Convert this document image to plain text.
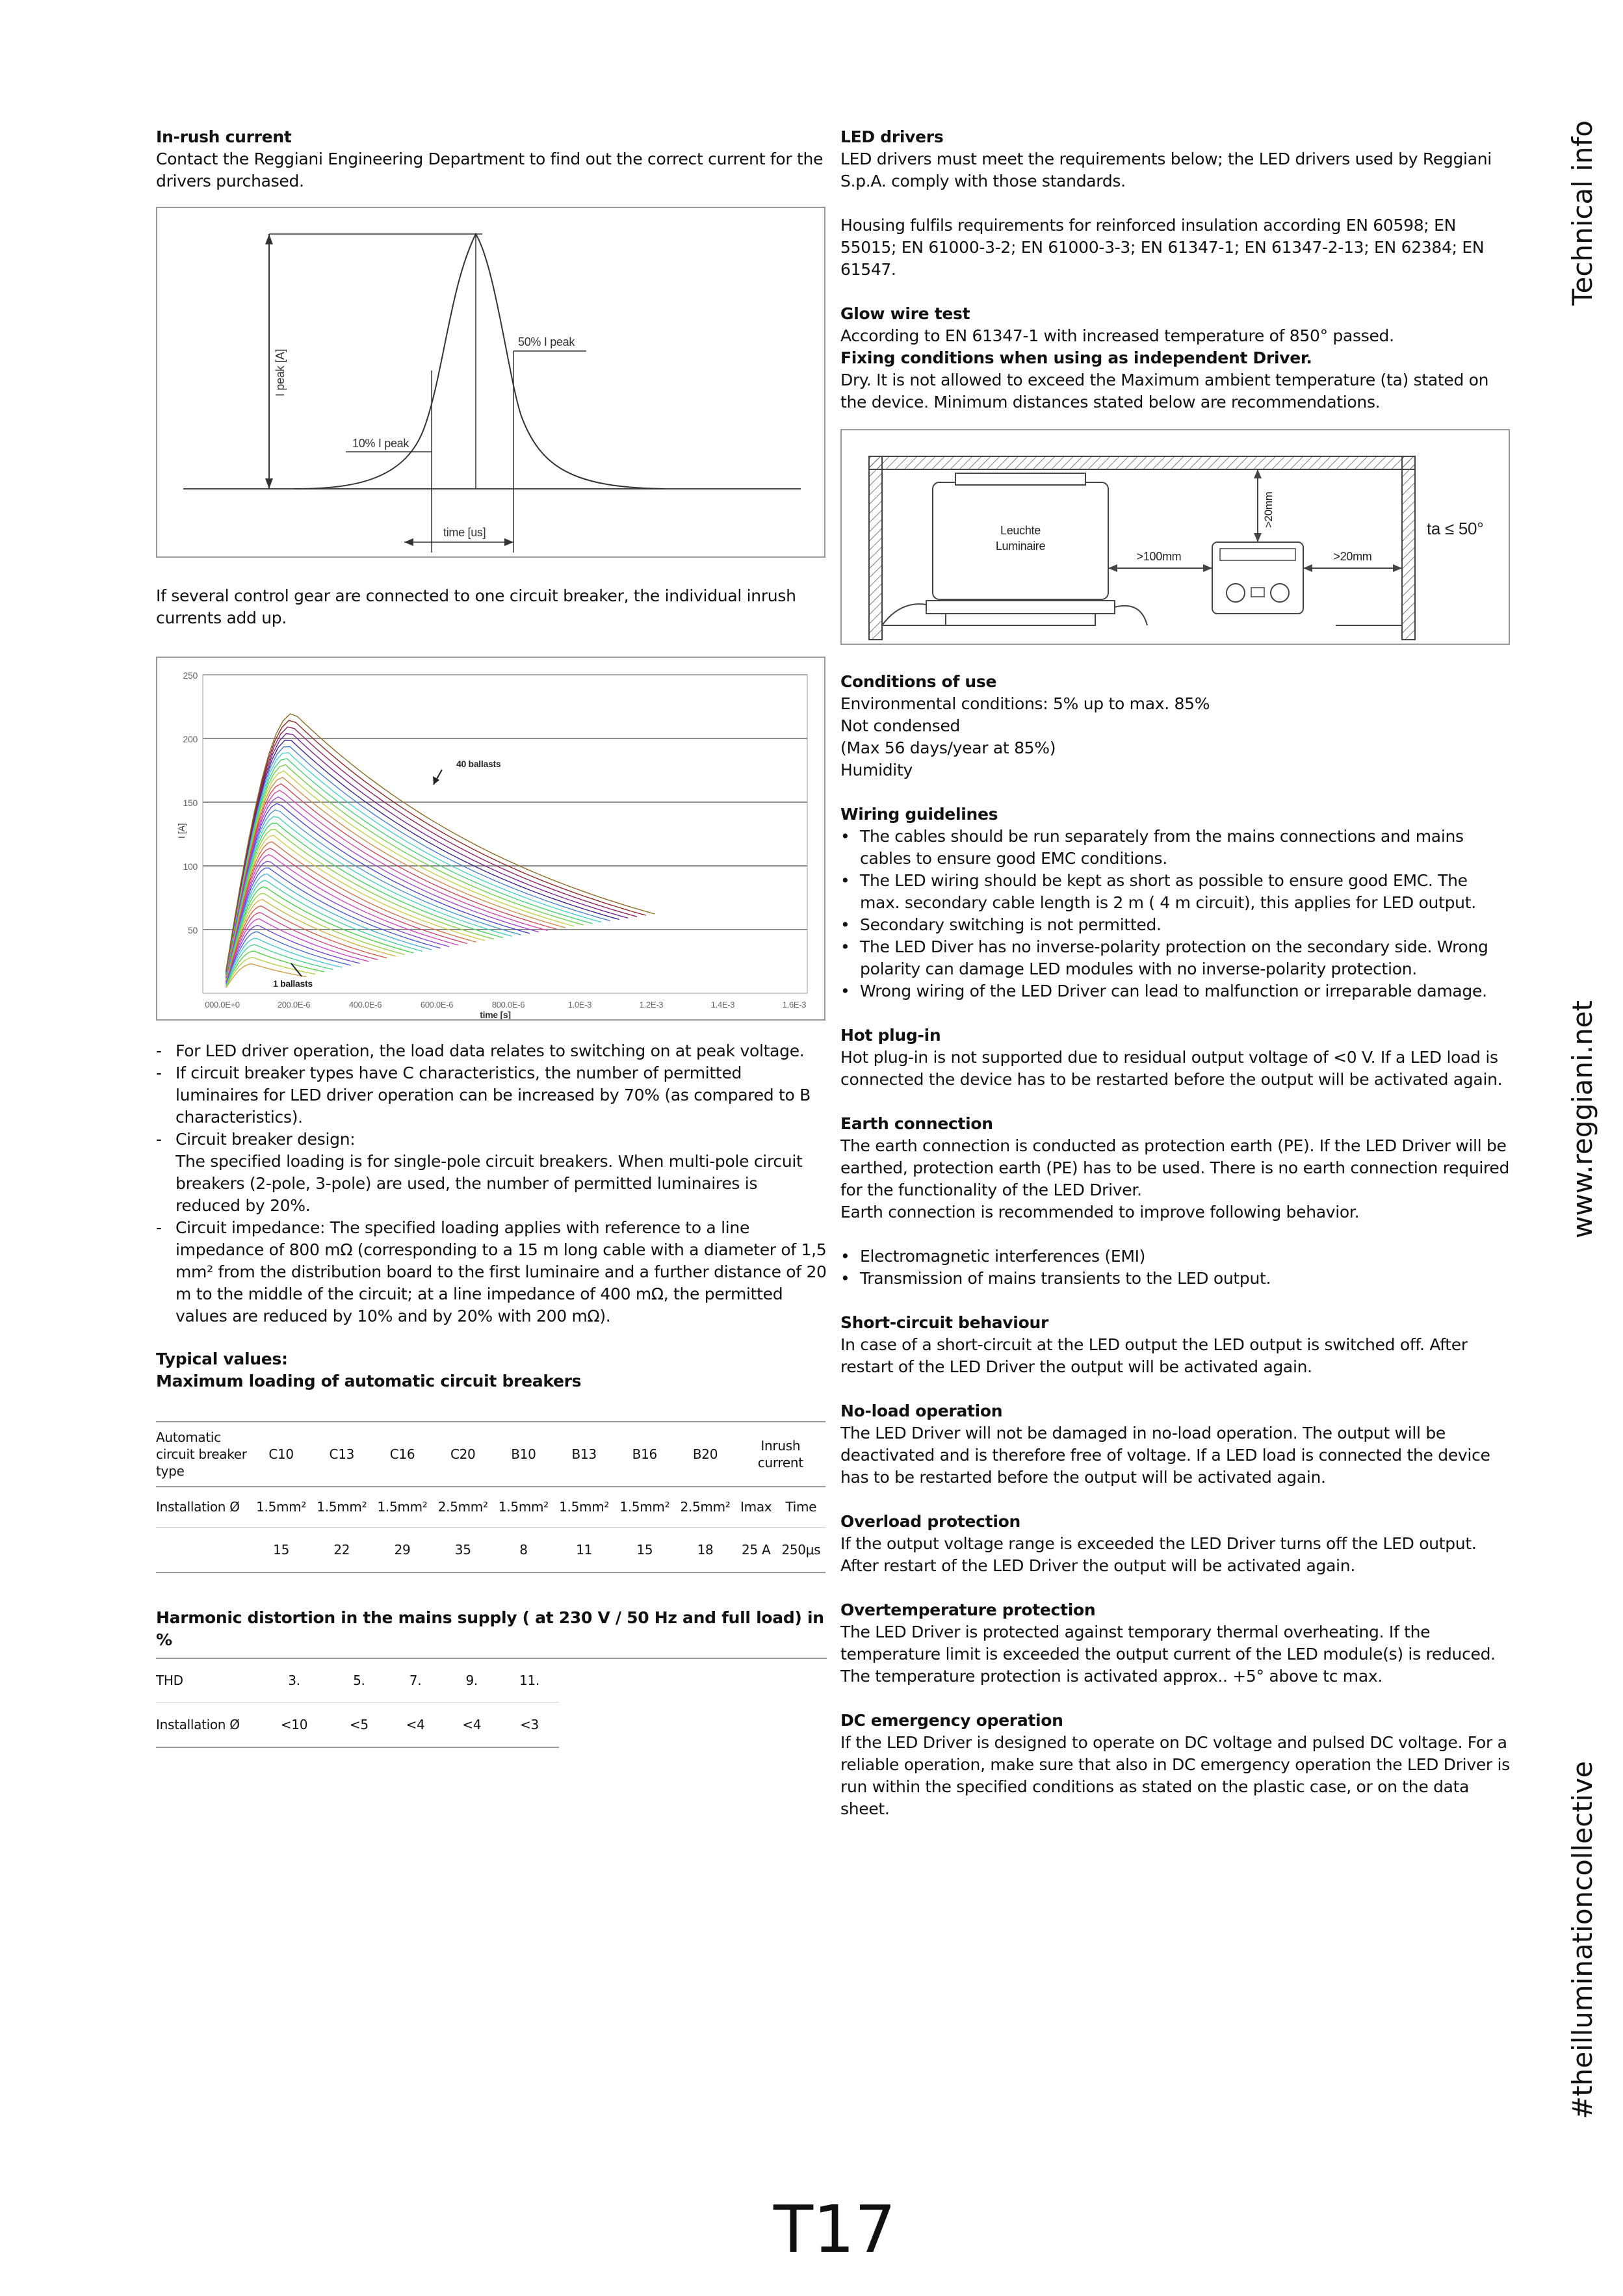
In-rush current
Contact the Reggiani Engineering Department to find out the correct current for the drivers purchased.
I peak [A]
50% I peak
10% I peak
time [us]
If several control gear are connected to one circuit breaker, the individual inrush currents add up.
250
200
150
100
50
000.0E+0	200.0E-6	400.0E-6	600.0E-6	800.0E-6	1.0E-3	1.2E-3	1.4E-3	1.6E-3
I [A]
time [s]
40 ballasts
1 ballasts
- For LED driver operation, the load data relates to switching on at peak voltage.
- If circuit breaker types have C characteristics, the number of permitted luminaires for LED driver operation can be increased by 70% (as compared to B characteristics).
- Circuit breaker design:
The specified loading is for single-pole circuit breakers. When multi-pole circuit breakers (2-pole, 3-pole) are used, the number of permitted luminaires is reduced by 20%.
- Circuit impedance: The specified loading applies with reference to a line impedance of 800 mΩ (corresponding to a 15 m long cable with a diameter of 1,5 mm² from the distribution board to the first luminaire and a further distance of 20 m to the middle of the circuit; at a line impedance of 400 mΩ, the permitted values are reduced by 10% and by 20% with 200 mΩ).
Typical values:
Maximum loading of automatic circuit breakers
Automatic circuit breaker type	C10	C13	C16	C20	B10	B13	B16	B20	Inrush current	
Installation Ø	1.5mm²	1.5mm²	1.5mm²	2.5mm²	1.5mm²	1.5mm²	1.5mm²	2.5mm²	Imax	Time
	15	22	29	35	8	11	15	18	25 A	250μs
Harmonic distortion in the mains supply ( at 230 V / 50 Hz and full load) in %
THD	3.	5.	7.	9.	11.
Installation Ø	<10	<5	<4	<4	<3
LED drivers
LED drivers must meet the requirements below; the LED drivers used by Reggiani S.p.A. comply with those standards.
Housing fulfils requirements for reinforced insulation according EN 60598; EN 55015; EN 61000-3-2; EN 61000-3-3; EN 61347-1; EN 61347-2-13; EN 62384; EN 61547.
Glow wire test
According to EN 61347-1 with increased temperature of 850° passed.
Fixing conditions when using as independent Driver.
Dry. It is not allowed to exceed the Maximum ambient temperature (ta) stated on the device. Minimum distances stated below are recommendations.
Leuchte
Luminaire
>100mm	>20mm
>20mm
ta ≤ 50°
Conditions of use
Environmental conditions: 5% up to max. 85%
Not condensed
(Max 56 days/year at 85%)
Humidity
Wiring guidelines
• The cables should be run separately from the mains connections and mains cables to ensure good EMC conditions.
• The LED wiring should be kept as short as possible to ensure good EMC. The max. secondary cable length is 2 m ( 4 m circuit), this applies for LED output.
• Secondary switching is not permitted.
• The LED Diver has no inverse-polarity protection on the secondary side. Wrong polarity can damage LED modules with no inverse-polarity protection.
• Wrong wiring of the LED Driver can lead to malfunction or irreparable damage.
Hot plug-in
Hot plug-in is not supported due to residual output voltage of <0 V. If a LED load is connected the device has to be restarted before the output will be activated again.
Earth connection
The earth connection is conducted as protection earth (PE). If the LED Driver will be earthed, protection earth (PE) has to be used. There is no earth connection required for the functionality of the LED Driver.
Earth connection is recommended to improve following behavior.
• Electromagnetic interferences (EMI)
• Transmission of mains transients to the LED output.
Short-circuit behaviour
In case of a short-circuit at the LED output the LED output is switched off. After restart of the LED Driver the output will be activated again.
No-load operation
The LED Driver will not be damaged in no-load operation. The output will be deactivated and is therefore free of voltage. If a LED load is connected the device has to be restarted before the output will be activated again.
Overload protection
If the output voltage range is exceeded the LED Driver turns off the LED output. After restart of the LED Driver the output will be activated again.
Overtemperature protection
The LED Driver is protected against temporary thermal overheating. If the temperature limit is exceeded the output current of the LED module(s) is reduced. The temperature protection is activated approx.. +5° above tc max.
DC emergency operation
If the LED Driver is designed to operate on DC voltage and pulsed DC voltage. For a reliable operation, make sure that also in DC emergency operation the LED Driver is run within the specified conditions as stated on the plastic case, or on the data sheet.
Technical info
www.reggiani.net
#theilluminationcollective
T17
